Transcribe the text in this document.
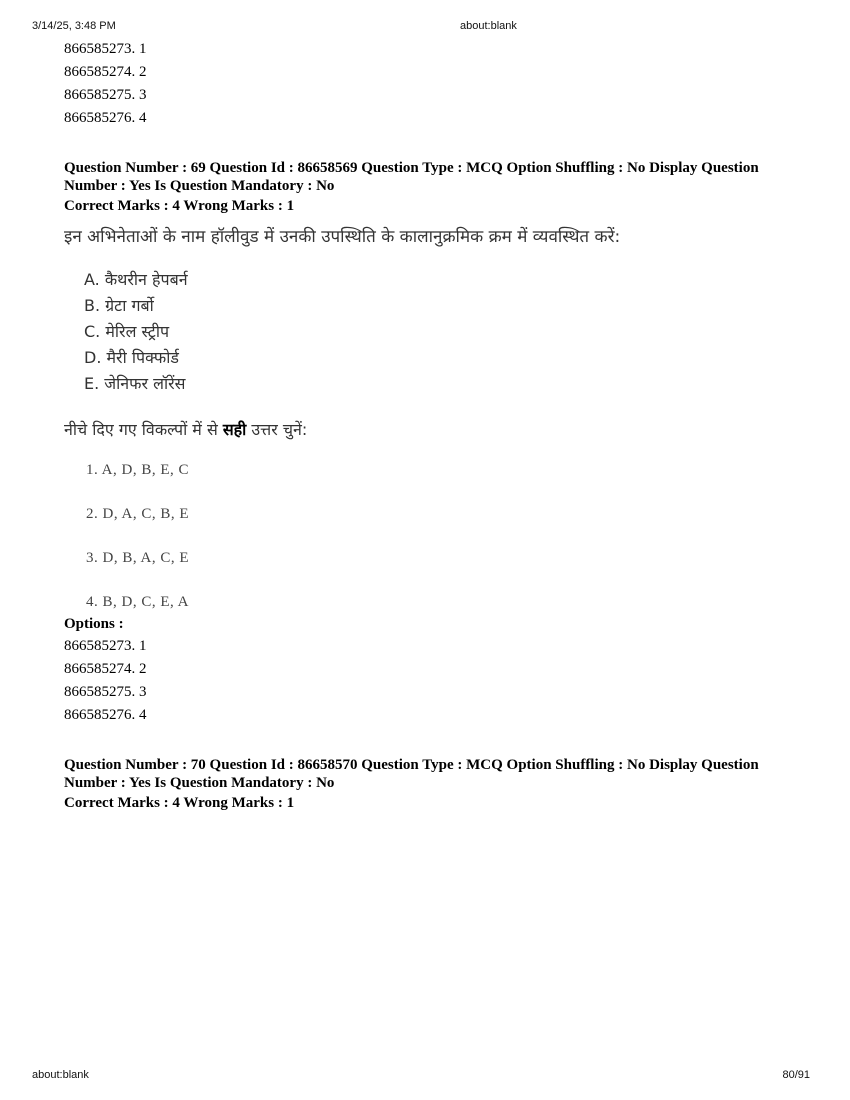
3/14/25, 3:48 PM	about:blank
866585273. 1
866585274. 2
866585275. 3
866585276. 4
Question Number : 69 Question Id : 86658569 Question Type : MCQ Option Shuffling : No Display Question
Number : Yes Is Question Mandatory : No
Correct Marks : 4 Wrong Marks : 1
इन अभिनेताओं के नाम हॉलीवुड में उनकी उपस्थिति के कालानुक्रमिक क्रम में व्यवस्थित करें:
A. कैथरीन हेपबर्न
B. ग्रेटा गर्बो
C. मेरिल स्ट्रीप
D. मैरी पिक्फोर्ड
E. जेनिफर लॉरेंस
नीचे दिए गए विकल्पों में से सही उत्तर चुनें:
1. A, D, B, E, C
2. D, A, C, B, E
3. D, B, A, C, E
4. B, D, C, E, A
Options :
866585273. 1
866585274. 2
866585275. 3
866585276. 4
Question Number : 70 Question Id : 86658570 Question Type : MCQ Option Shuffling : No Display Question
Number : Yes Is Question Mandatory : No
Correct Marks : 4 Wrong Marks : 1
about:blank	80/91
